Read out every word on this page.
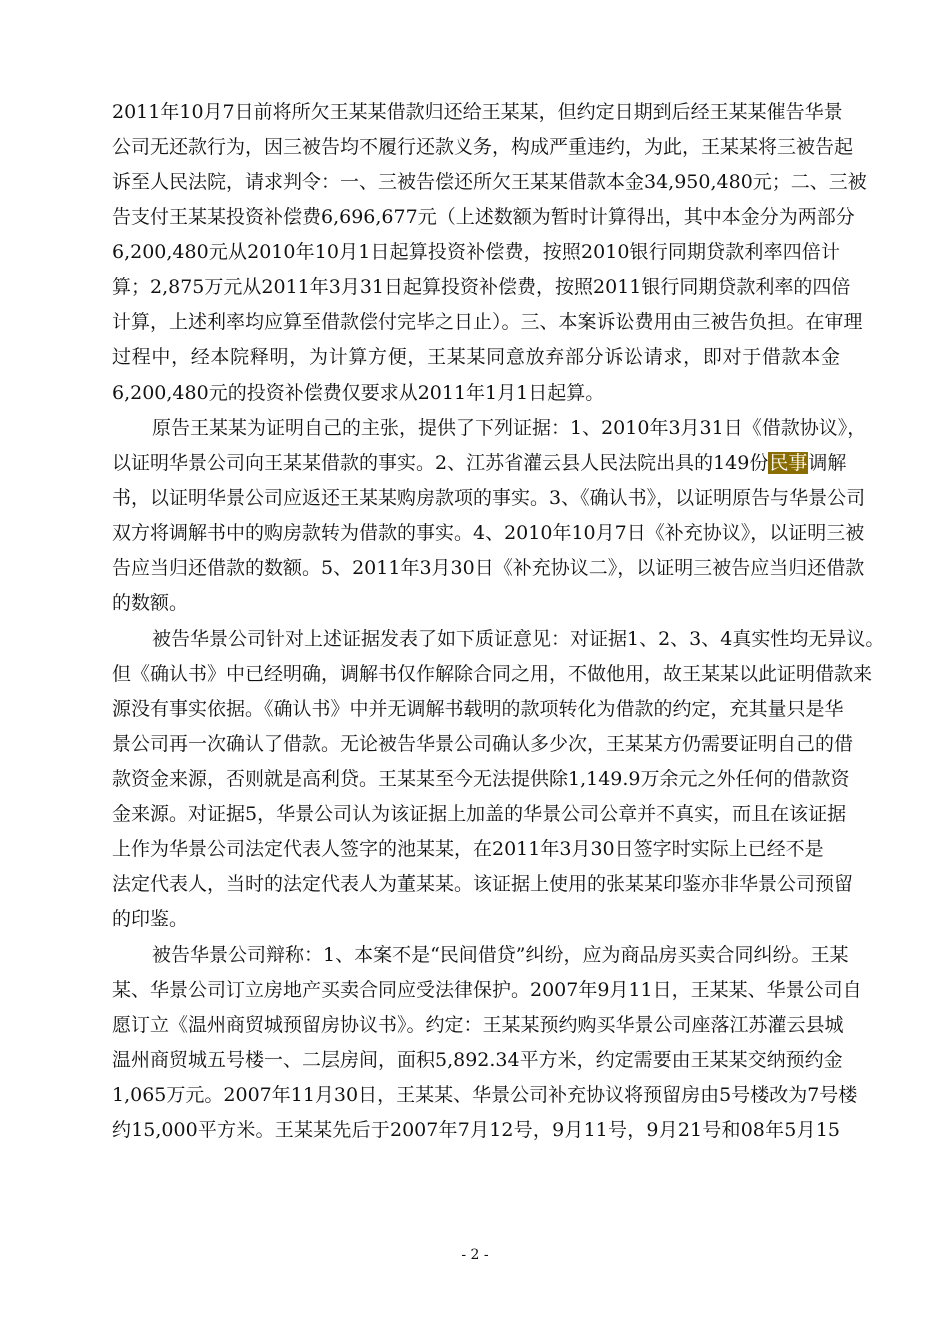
2011年10月7日前将所欠王某某借款归还给王某某，但约定日期到后经王某某催告华景
公司无还款行为，因三被告均不履行还款义务，构成严重违约，为此，王某某将三被告起
诉至人民法院，请求判令：一、三被告偿还所欠王某某借款本金34,950,480元；二、三被
告支付王某某投资补偿费6,696,677元（上述数额为暂时计算得出，其中本金分为两部分
6,200,480元从2010年10月1日起算投资补偿费，按照2010银行同期贷款利率四倍计
算；2,875万元从2011年3月31日起算投资补偿费，按照2011银行同期贷款利率的四倍
计算，上述利率均应算至借款偿付完毕之日止）。三、本案诉讼费用由三被告负担。在审理
过程中，经本院释明，为计算方便，王某某同意放弃部分诉讼请求，即对于借款本金
6,200,480元的投资补偿费仅要求从2011年1月1日起算。
原告王某某为证明自己的主张，提供了下列证据：1、2010年3月31日《借款协议》，
以证明华景公司向王某某借款的事实。2、江苏省灌云县人民法院出具的149份民事调解
书，以证明华景公司应返还王某某购房款项的事实。3、《确认书》，以证明原告与华景公司
双方将调解书中的购房款转为借款的事实。4、2010年10月7日《补充协议》，以证明三被
告应当归还借款的数额。5、2011年3月30日《补充协议二》，以证明三被告应当归还借款
的数额。
被告华景公司针对上述证据发表了如下质证意见：对证据1、2、3、4真实性均无异议。
但《确认书》中已经明确，调解书仅作解除合同之用，不做他用，故王某某以此证明借款来
源没有事实依据。《确认书》中并无调解书载明的款项转化为借款的约定，充其量只是华
景公司再一次确认了借款。无论被告华景公司确认多少次，王某某方仍需要证明自己的借
款资金来源，否则就是高利贷。王某某至今无法提供除1,149.9万余元之外任何的借款资
金来源。对证据5，华景公司认为该证据上加盖的华景公司公章并不真实，而且在该证据
上作为华景公司法定代表人签字的池某某，在2011年3月30日签字时实际上已经不是
法定代表人，当时的法定代表人为董某某。该证据上使用的张某某印鉴亦非华景公司预留
的印鉴。
被告华景公司辩称：1、本案不是“民间借贷”纠纷，应为商品房买卖合同纠纷。王某
某、华景公司订立房地产买卖合同应受法律保护。2007年9月11日，王某某、华景公司自
愿订立《温州商贸城预留房协议书》。约定：王某某预约购买华景公司座落江苏灌云县城
温州商贸城五号楼一、二层房间，面积5,892.34平方米，约定需要由王某某交纳预约金
1,065万元。2007年11月30日，王某某、华景公司补充协议将预留房由5号楼改为7号楼
约15,000平方米。王某某先后于2007年7月12号，9月11号，9月21号和08年5月15
- 2 -
